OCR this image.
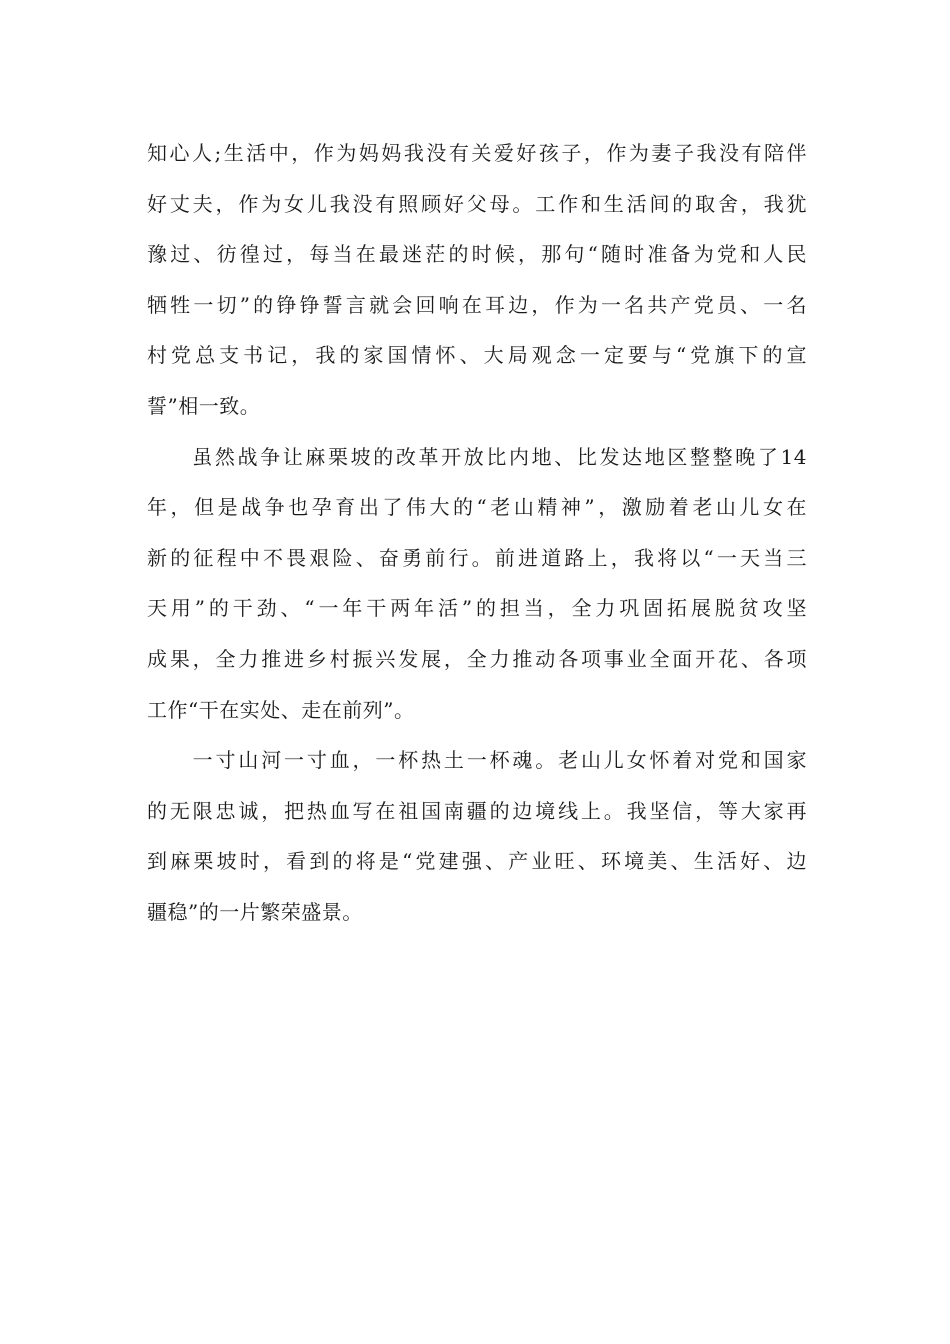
知心人;生活中，作为妈妈我没有关爱好孩子，作为妻子我没有陪伴
好丈夫，作为女儿我没有照顾好父母。工作和生活间的取舍，我犹
豫过、彷徨过，每当在最迷茫的时候，那句“随时准备为党和人民
牺牲一切”的铮铮誓言就会回响在耳边，作为一名共产党员、一名
村党总支书记，我的家国情怀、大局观念一定要与“党旗下的宣
誓”相一致。
　　虽然战争让麻栗坡的改革开放比内地、比发达地区整整晚了14
年，但是战争也孕育出了伟大的“老山精神”，激励着老山儿女在
新的征程中不畏艰险、奋勇前行。前进道路上，我将以“一天当三
天用”的干劲、“一年干两年活”的担当，全力巩固拓展脱贫攻坚
成果，全力推进乡村振兴发展，全力推动各项事业全面开花、各项
工作“干在实处、走在前列”。
　　一寸山河一寸血，一杯热土一杯魂。老山儿女怀着对党和国家
的无限忠诚，把热血写在祖国南疆的边境线上。我坚信，等大家再
到麻栗坡时，看到的将是“党建强、产业旺、环境美、生活好、边
疆稳”的一片繁荣盛景。
